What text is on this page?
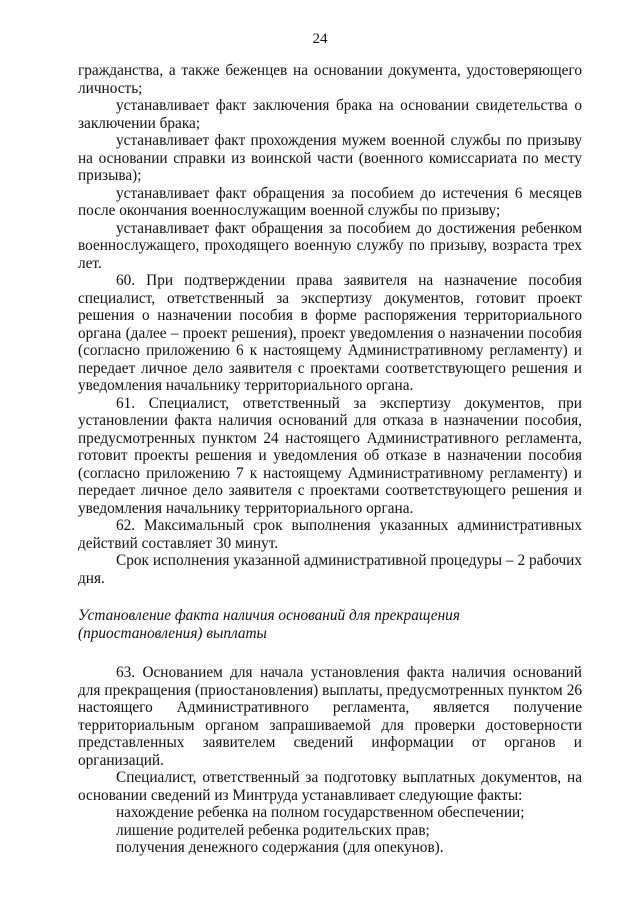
24

гражданства, а также беженцев на основании документа, удостоверяющего личность;

устанавливает факт заключения брака на основании свидетельства о заключении брака;

устанавливает факт прохождения мужем военной службы по призыву на основании справки из воинской части (военного комиссариата по месту призыва);

устанавливает факт обращения за пособием до истечения 6 месяцев после окончания военнослужащим военной службы по призыву;

устанавливает факт обращения за пособием до достижения ребенком военнослужащего, проходящего военную службу по призыву, возраста трех лет.

60. При подтверждении права заявителя на назначение пособия специалист, ответственный за экспертизу документов, готовит проект решения о назначении пособия в форме распоряжения территориального органа (далее – проект решения), проект уведомления о назначении пособия (согласно приложению 6 к настоящему Административному регламенту) и передает личное дело заявителя с проектами соответствующего решения и уведомления начальнику территориального органа.

61. Специалист, ответственный за экспертизу документов, при установлении факта наличия оснований для отказа в назначении пособия, предусмотренных пунктом 24 настоящего Административного регламента, готовит проекты решения и уведомления об отказе в назначении пособия (согласно приложению 7 к настоящему Административному регламенту) и передает личное дело заявителя с проектами соответствующего решения и уведомления начальнику территориального органа.

62. Максимальный срок выполнения указанных административных действий составляет 30 минут.

Срок исполнения указанной административной процедуры – 2 рабочих дня.

Установление факта наличия оснований для прекращения

(приостановления) выплаты

63. Основанием для начала установления факта наличия оснований для прекращения (приостановления) выплаты, предусмотренных пунктом 26 настоящего Административного регламента, является получение территориальным органом запрашиваемой для проверки достоверности представленных заявителем сведений информации от органов и организаций.

Специалист, ответственный за подготовку выплатных документов, на основании сведений из Минтруда устанавливает следующие факты:

нахождение ребенка на полном государственном обеспечении;

лишение родителей ребенка родительских прав;

получения денежного содержания (для опекунов).
